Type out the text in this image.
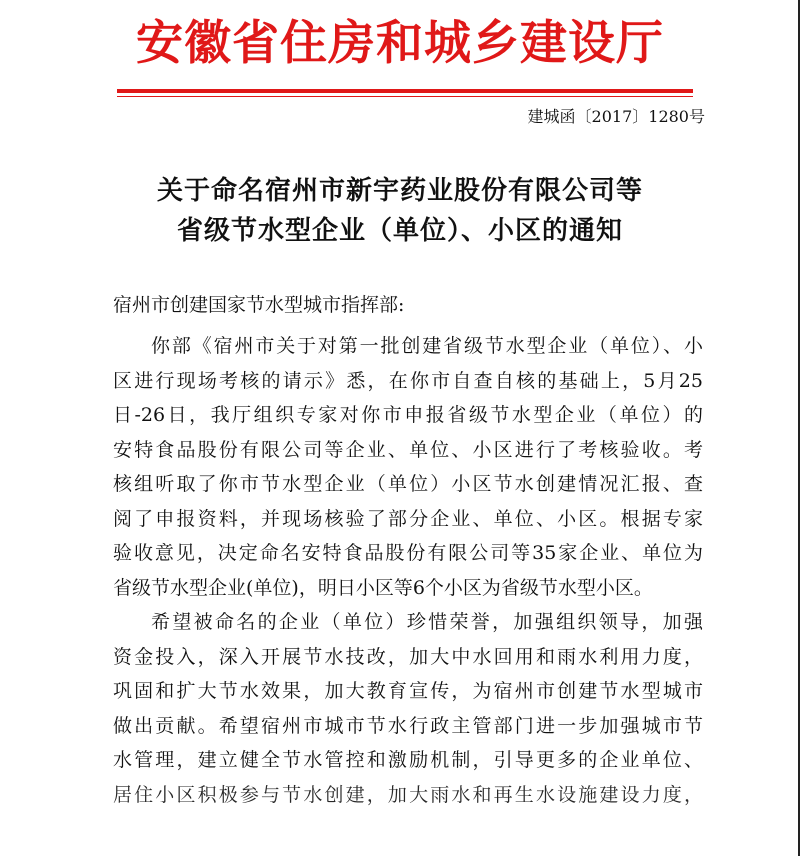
安徽省住房和城乡建设厅
建城函〔2017〕1280号
关于命名宿州市新宇药业股份有限公司等
省级节水型企业（单位）、小区的通知
宿州市创建国家节水型城市指挥部:
你部《宿州市关于对第一批创建省级节水型企业（单位）、小
区进行现场考核的请示》悉，在你市自查自核的基础上，5月25
日-26日，我厅组织专家对你市申报省级节水型企业（单位）的
安特食品股份有限公司等企业、单位、小区进行了考核验收。考
核组听取了你市节水型企业（单位）小区节水创建情况汇报、查
阅了申报资料，并现场核验了部分企业、单位、小区。根据专家
验收意见，决定命名安特食品股份有限公司等35家企业、单位为
省级节水型企业(单位)，明日小区等6个小区为省级节水型小区。
希望被命名的企业（单位）珍惜荣誉，加强组织领导，加强
资金投入，深入开展节水技改，加大中水回用和雨水利用力度，
巩固和扩大节水效果，加大教育宣传，为宿州市创建节水型城市
做出贡献。希望宿州市城市节水行政主管部门进一步加强城市节
水管理，建立健全节水管控和激励机制，引导更多的企业单位、
居住小区积极参与节水创建，加大雨水和再生水设施建设力度，
